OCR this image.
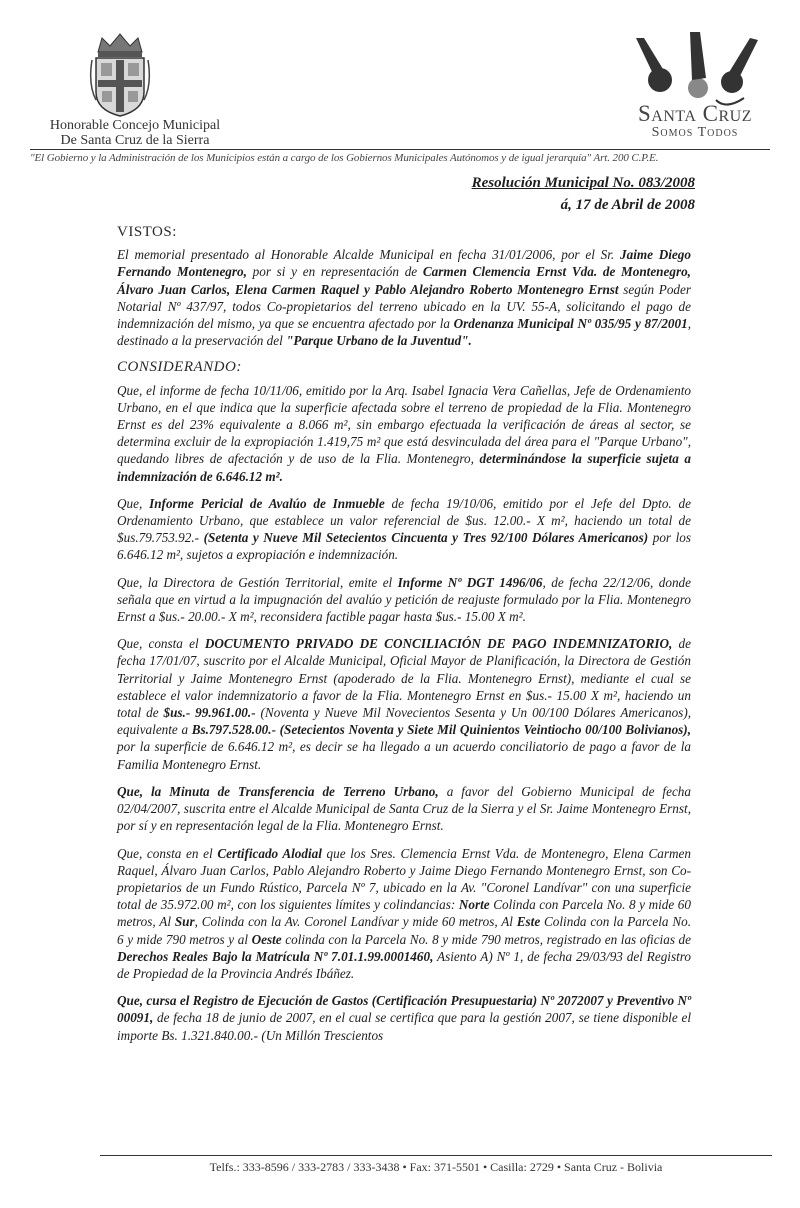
Honorable Concejo Municipal
De Santa Cruz de la Sierra
Santa Cruz
Somos Todos
"El Gobierno y la Administración de los Municipios están a cargo de los Gobiernos Municipales Autónomos y de igual jerarquía" Art. 200 C.P.E.
Resolución Municipal No. 083/2008
á, 17 de Abril de 2008
VISTOS:

El memorial presentado al Honorable Alcalde Municipal en fecha 31/01/2006, por el Sr. Jaime Diego Fernando Montenegro, por si y en representación de Carmen Clemencia Ernst Vda. de Montenegro, Álvaro Juan Carlos, Elena Carmen Raquel y Pablo Alejandro Roberto Montenegro Ernst según Poder Notarial Nº 437/97, todos Co-propietarios del terreno ubicado en la UV. 55-A, solicitando el pago de indemnización del mismo, ya que se encuentra afectado por la Ordenanza Municipal Nº 035/95 y 87/2001, destinado a la preservación del "Parque Urbano de la Juventud".

CONSIDERANDO:

Que, el informe de fecha 10/11/06, emitido por la Arq. Isabel Ignacia Vera Cañellas, Jefe de Ordenamiento Urbano, en el que indica que la superficie afectada sobre el terreno de propiedad de la Flia. Montenegro Ernst es del 23% equivalente a 8.066 m², sin embargo efectuada la verificación de áreas al sector, se determina excluir de la expropiación 1.419,75 m² que está desvinculada del área para el "Parque Urbano", quedando libres de afectación y de uso de la Flia. Montenegro, determinándose la superficie sujeta a indemnización de 6.646.12 m².

Que, Informe Pericial de Avalúo de Inmueble de fecha 19/10/06, emitido por el Jefe del Dpto. de Ordenamiento Urbano, que establece un valor referencial de $us. 12.00.- X m², haciendo un total de $us.79.753.92.- (Setenta y Nueve Mil Setecientos Cincuenta y Tres 92/100 Dólares Americanos) por los 6.646.12 m², sujetos a expropiación e indemnización.

Que, la Directora de Gestión Territorial, emite el Informe Nº DGT 1496/06, de fecha 22/12/06, donde señala que en virtud a la impugnación del avalúo y petición de reajuste formulado por la Flia. Montenegro Ernst a $us.- 20.00.- X m², reconsidera factible pagar hasta $us.- 15.00 X m².

Que, consta el DOCUMENTO PRIVADO DE CONCILIACIÓN DE PAGO INDEMNIZATORIO, de fecha 17/01/07, suscrito por el Alcalde Municipal, Oficial Mayor de Planificación, la Directora de Gestión Territorial y Jaime Montenegro Ernst (apoderado de la Flia. Montenegro Ernst), mediante el cual se establece el valor indemnizatorio a favor de la Flia. Montenegro Ernst en $us.- 15.00 X m², haciendo un total de $us.- 99.961.00.- (Noventa y Nueve Mil Novecientos Sesenta y Un 00/100 Dólares Americanos), equivalente a Bs.797.528.00.- (Setecientos Noventa y Siete Mil Quinientos Veintiocho 00/100 Bolivianos), por la superficie de 6.646.12 m², es decir se ha llegado a un acuerdo conciliatorio de pago a favor de la Familia Montenegro Ernst.

Que, la Minuta de Transferencia de Terreno Urbano, a favor del Gobierno Municipal de fecha 02/04/2007, suscrita entre el Alcalde Municipal de Santa Cruz de la Sierra y el Sr. Jaime Montenegro Ernst, por sí y en representación legal de la Flia. Montenegro Ernst.

Que, consta en el Certificado Alodial que los Sres. Clemencia Ernst Vda. de Montenegro, Elena Carmen Raquel, Álvaro Juan Carlos, Pablo Alejandro Roberto y Jaime Diego Fernando Montenegro Ernst, son Co-propietarios de un Fundo Rústico, Parcela Nº 7, ubicado en la Av. "Coronel Landívar" con una superficie total de 35.972.00 m², con los siguientes límites y colindancias: Norte Colinda con Parcela No. 8 y mide 60 metros, Al Sur, Colinda con la Av. Coronel Landívar y mide 60 metros, Al Este Colinda con la Parcela No. 6 y mide 790 metros y al Oeste colinda con la Parcela No. 8 y mide 790 metros, registrado en las oficias de Derechos Reales Bajo la Matrícula Nº 7.01.1.99.0001460, Asiento A) Nº 1, de fecha 29/03/93 del Registro de Propiedad de la Provincia Andrés Ibáñez.

Que, cursa el Registro de Ejecución de Gastos (Certificación Presupuestaria) Nº 2072007 y Preventivo Nº 00091, de fecha 18 de junio de 2007, en el cual se certifica que para la gestión 2007, se tiene disponible el importe Bs. 1.321.840.00.- (Un Millón Trescientos

Telfs.: 333-8596 / 333-2783 / 333-3438 • Fax: 371-5501 • Casilla: 2729 • Santa Cruz - Bolivia
